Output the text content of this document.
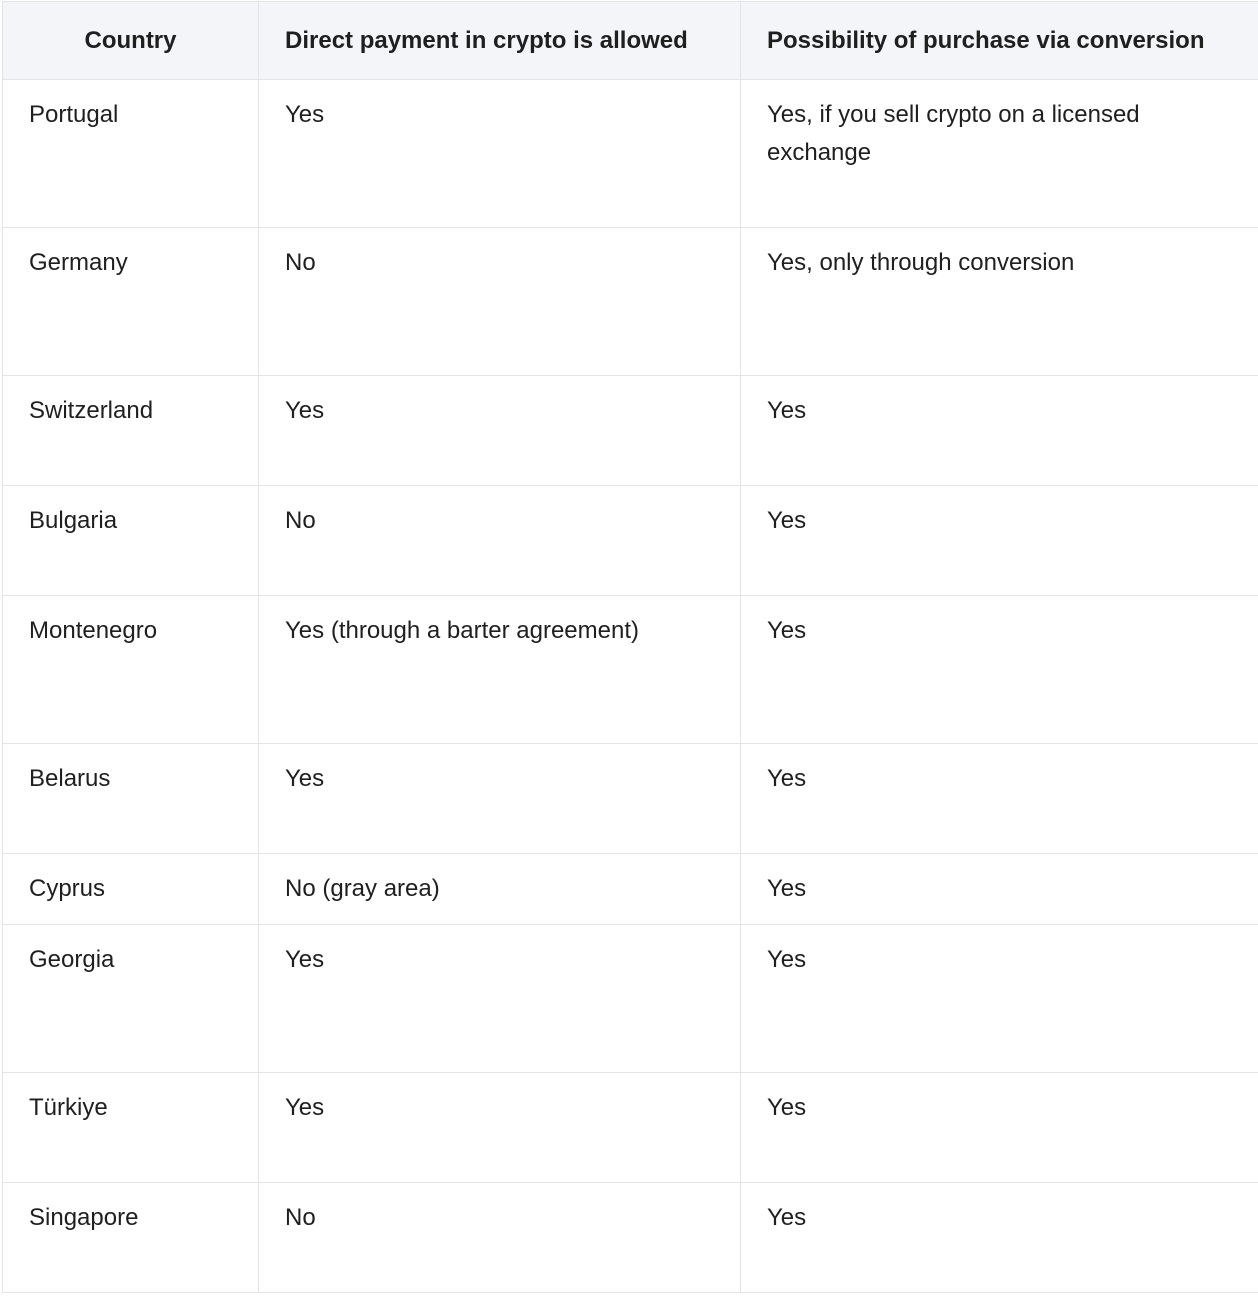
Country	Direct payment in crypto is allowed	Possibility of purchase via conversion
Portugal	Yes	Yes, if you sell crypto on a licensed exchange
Germany	No	Yes, only through conversion
Switzerland	Yes	Yes
Bulgaria	No	Yes
Montenegro	Yes (through a barter agreement)	Yes
Belarus	Yes	Yes
Cyprus	No (gray area)	Yes
Georgia	Yes	Yes
Türkiye	Yes	Yes
Singapore	No	Yes
